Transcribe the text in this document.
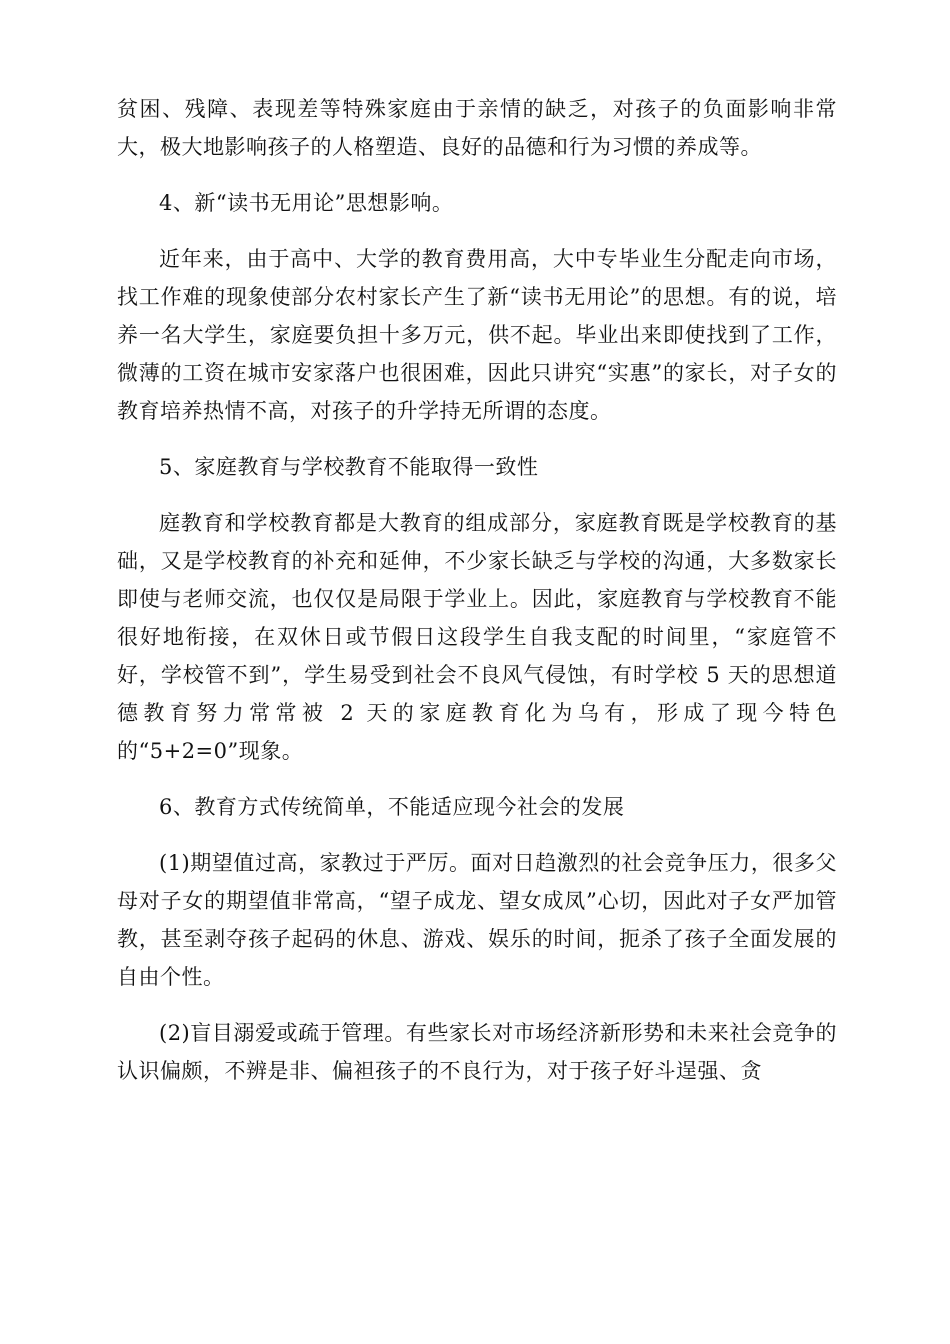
贫困、残障、表现差等特殊家庭由于亲情的缺乏，对孩子的负面影响非常大，极大地影响孩子的人格塑造、良好的品德和行为习惯的养成等。

4、新“读书无用论”思想影响。

近年来，由于高中、大学的教育费用高，大中专毕业生分配走向市场，找工作难的现象使部分农村家长产生了新“读书无用论”的思想。有的说，培养一名大学生，家庭要负担十多万元，供不起。毕业出来即使找到了工作，微薄的工资在城市安家落户也很困难，因此只讲究“实惠”的家长，对子女的教育培养热情不高，对孩子的升学持无所谓的态度。

5、家庭教育与学校教育不能取得一致性

庭教育和学校教育都是大教育的组成部分，家庭教育既是学校教育的基础，又是学校教育的补充和延伸，不少家长缺乏与学校的沟通，大多数家长即使与老师交流，也仅仅是局限于学业上。因此，家庭教育与学校教育不能很好地衔接，在双休日或节假日这段学生自我支配的时间里，“家庭管不好，学校管不到”，学生易受到社会不良风气侵蚀，有时学校 5 天的思想道德教育努力常常被 2 天的家庭教育化为乌有，形成了现今特色的“5+2=0”现象。

6、教育方式传统简单，不能适应现今社会的发展

(1)期望值过高，家教过于严厉。面对日趋激烈的社会竞争压力，很多父母对子女的期望值非常高，“望子成龙、望女成凤”心切，因此对子女严加管教，甚至剥夺孩子起码的休息、游戏、娱乐的时间，扼杀了孩子全面发展的自由个性。

(2)盲目溺爱或疏于管理。有些家长对市场经济新形势和未来社会竞争的认识偏颇，不辨是非、偏袒孩子的不良行为，对于孩子好斗逞强、贪
